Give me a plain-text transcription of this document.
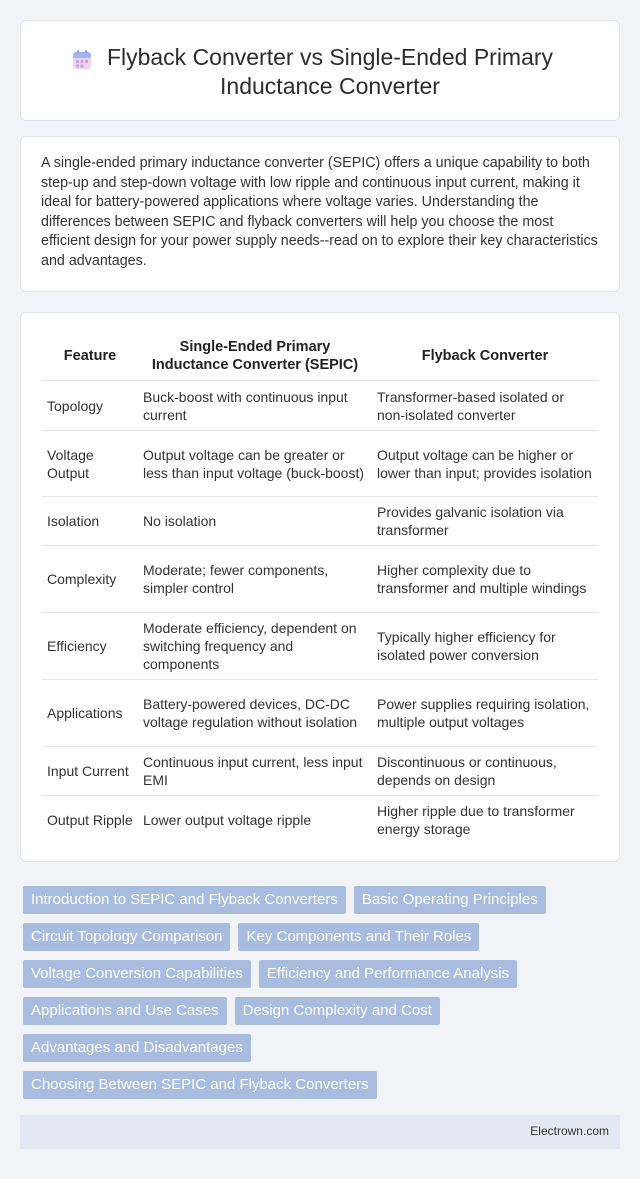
Flyback Converter vs Single-Ended Primary Inductance Converter

A single-ended primary inductance converter (SEPIC) offers a unique capability to both step-up and step-down voltage with low ripple and continuous input current, making it ideal for battery-powered applications where voltage varies. Understanding the differences between SEPIC and flyback converters will help you choose the most efficient design for your power supply needs--read on to explore their key characteristics and advantages.

Feature	Single-Ended Primary Inductance Converter (SEPIC)	Flyback Converter
Topology	Buck-boost with continuous input current	Transformer-based isolated or non-isolated converter
Voltage Output	Output voltage can be greater or less than input voltage (buck-boost)	Output voltage can be higher or lower than input; provides isolation
Isolation	No isolation	Provides galvanic isolation via transformer
Complexity	Moderate; fewer components, simpler control	Higher complexity due to transformer and multiple windings
Efficiency	Moderate efficiency, dependent on switching frequency and components	Typically higher efficiency for isolated power conversion
Applications	Battery-powered devices, DC-DC voltage regulation without isolation	Power supplies requiring isolation, multiple output voltages
Input Current	Continuous input current, less input EMI	Discontinuous or continuous, depends on design
Output Ripple	Lower output voltage ripple	Higher ripple due to transformer energy storage
Introduction to SEPIC and Flyback Converters	Basic Operating Principles
Circuit Topology Comparison	Key Components and Their Roles
Voltage Conversion Capabilities	Efficiency and Performance Analysis
Applications and Use Cases	Design Complexity and Cost
Advantages and Disadvantages
Choosing Between SEPIC and Flyback Converters
Electrown.com
